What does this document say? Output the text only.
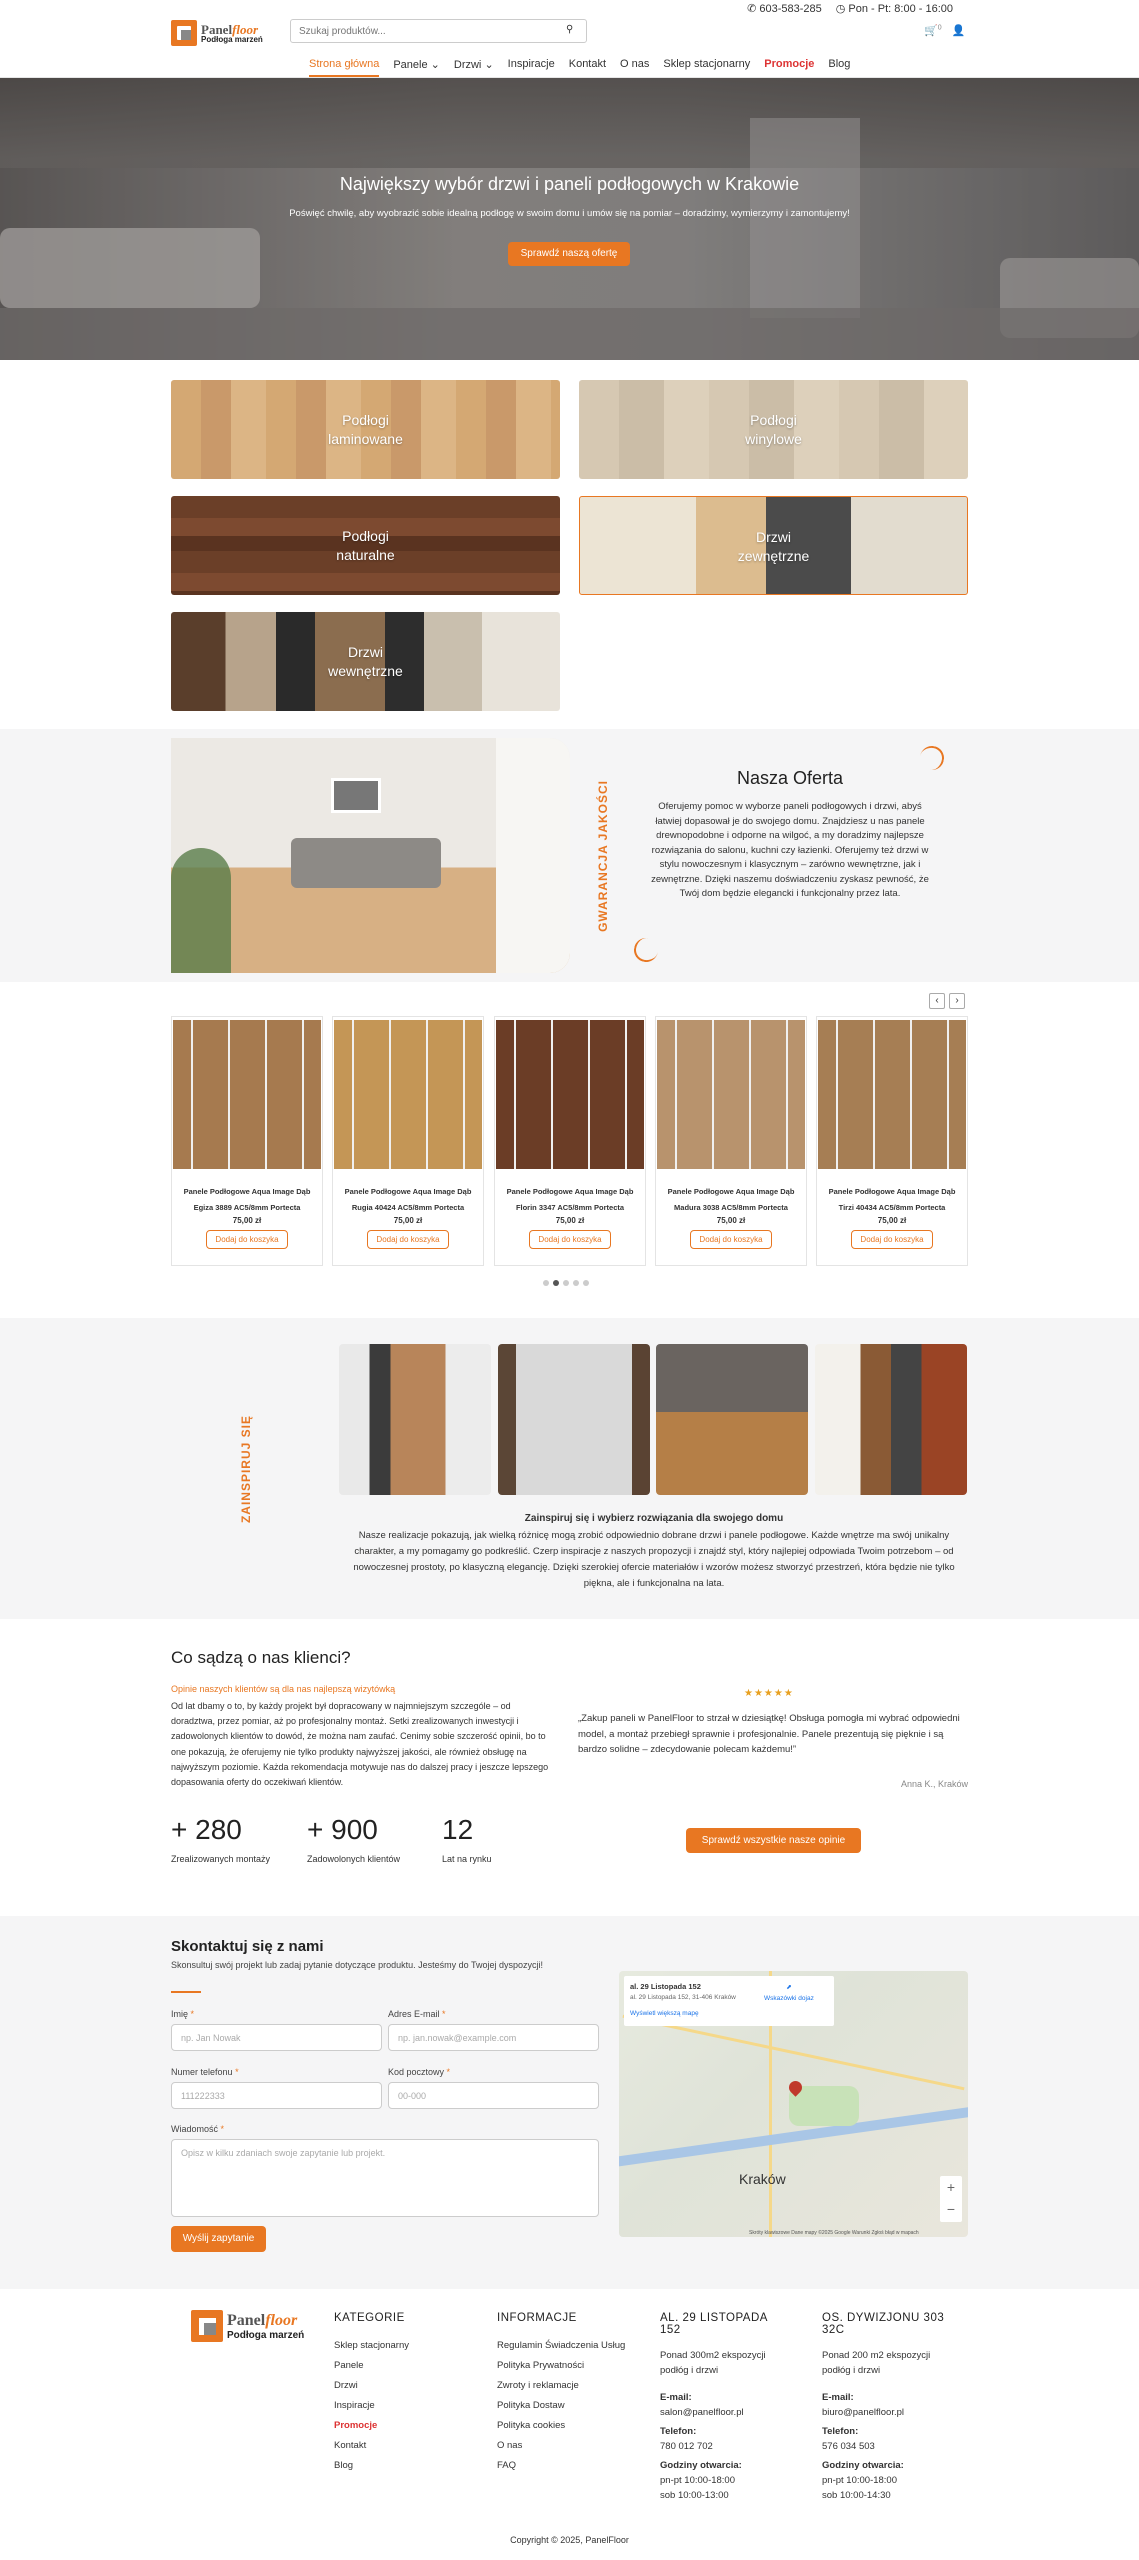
✆ 603-583-285 ◷ Pon - Pt: 8:00 - 16:00
Panelfloor
Podłoga marzeń
Szukaj produktów...
⚲	🛒$^0$ 👤
Strona główna Panele ⌄ Drzwi ⌄ Inspiracje Kontakt O nas Sklep stacjonarny Promocje Blog
Największy wybór drzwi i paneli podłogowych w Krakowie

Poświęć chwilę, aby wyobrazić sobie idealną podłogę w swoim domu i umów się na pomiar – doradzimy, wymierzymy i zamontujemy!

Sprawdź naszą ofertę
Podłogi
laminowane
Podłogi
winylowe
Podłogi
naturalne
Drzwi
zewnętrzne
Drzwi
wewnętrzne
GWARANCJA JAKOŚCI
Nasza Oferta
Oferujemy pomoc w wyborze paneli podłogowych i drzwi, abyś łatwiej dopasował je do swojego domu. Znajdziesz u nas panele drewnopodobne i odporne na wilgoć, a my doradzimy najlepsze rozwiązania do salonu, kuchni czy łazienki. Oferujemy też drzwi w stylu nowoczesnym i klasycznym – zarówno wewnętrzne, jak i zewnętrzne. Dzięki naszemu doświadczeniu zyskasz pewność, że Twój dom będzie elegancki i funkcjonalny przez lata.
‹	›
Panele Podłogowe Aqua Image Dąb Egiza 3889 AC5/8mm Portecta
75,00 zł
Dodaj do koszyka
Panele Podłogowe Aqua Image Dąb Rugia 40424 AC5/8mm Portecta
75,00 zł
Dodaj do koszyka
Panele Podłogowe Aqua Image Dąb Florin 3347 AC5/8mm Portecta
75,00 zł
Dodaj do koszyka
Panele Podłogowe Aqua Image Dąb Madura 3038 AC5/8mm Portecta
75,00 zł
Dodaj do koszyka
Panele Podłogowe Aqua Image Dąb Tirzi 40434 AC5/8mm Portecta
75,00 zł
Dodaj do koszyka
ZAINSPIRUJ SIĘ	Zainspiruj się i wybierz rozwiązania dla swojego domu
Nasze realizacje pokazują, jak wielką różnicę mogą zrobić odpowiednio dobrane drzwi i panele podłogowe. Każde wnętrze ma swój unikalny charakter, a my pomagamy go podkreślić. Czerp inspiracje z naszych propozycji i znajdź styl, który najlepiej odpowiada Twoim potrzebom – od nowoczesnej prostoty, po klasyczną elegancję. Dzięki szerokiej ofercie materiałów i wzorów możesz stworzyć przestrzeń, która będzie nie tylko piękna, ale i funkcjonalna na lata.
Co sądzą o nas klienci?
Opinie naszych klientów są dla nas najlepszą wizytówką
Od lat dbamy o to, by każdy projekt był dopracowany w najmniejszym szczególe – od doradztwa, przez pomiar, aż po profesjonalny montaż. Setki zrealizowanych inwestycji i zadowolonych klientów to dowód, że można nam zaufać. Cenimy sobie szczerość opinii, bo to one pokazują, że oferujemy nie tylko produkty najwyższej jakości, ale również obsługę na najwyższym poziomie. Każda rekomendacja motywuje nas do dalszej pracy i jeszcze lepszego dopasowania oferty do oczekiwań klientów.
+ 280
Zrealizowanych montaży
+ 900
Zadowolonych klientów
12
Lat na rynku
★★★★★
„Zakup paneli w PanelFloor to strzał w dziesiątkę! Obsługa pomogła mi wybrać odpowiedni model, a montaż przebiegł sprawnie i profesjonalnie. Panele prezentują się pięknie i są bardzo solidne – zdecydowanie polecam każdemu!”
Anna K., Kraków
Sprawdź wszystkie nasze opinie
Skontaktuj się z nami
Skonsultuj swój projekt lub zadaj pytanie dotyczące produktu. Jesteśmy do Twojej dyspozycji!
Imię *
np. Jan Nowak
Adres E-mail *
np. jan.nowak@example.com
Numer telefonu *
111222333
Kod pocztowy *
00-000
Wiadomość *
Opisz w kilku zdaniach swoje zapytanie lub projekt.
Wyślij zapytanie
al. 29 Listopada 152
al. 29 Listopada 152, 31-406 Kraków
Wyświetl większą mapę
⬈
Wskazówki dojaz
Kraków	+
−
Skróty klawiszowe Dane mapy ©2025 Google Warunki Zgłoś błąd w mapach
Panelfloor
Podłoga marzeń
KATEGORIE
Sklep stacjonarny
Panele
Drzwi
Inspiracje
Promocje
Kontakt
Blog
INFORMACJE
Regulamin Świadczenia Usług
Polityka Prywatności
Zwroty i reklamacje
Polityka Dostaw
Polityka cookies
O nas
FAQ
AL. 29 LISTOPADA 152
Ponad 300m2 ekspozycji podłóg i drzwi
E-mail:
salon@panelfloor.pl
Telefon:
780 012 702
Godziny otwarcia:
pn-pt 10:00-18:00
sob 10:00-13:00
OS. DYWIZJONU 303 32C
Ponad 200 m2 ekspozycji podłóg i drzwi
E-mail:
biuro@panelfloor.pl
Telefon:
576 034 503
Godziny otwarcia:
pn-pt 10:00-18:00
sob 10:00-14:30
Copyright © 2025, PanelFloor
